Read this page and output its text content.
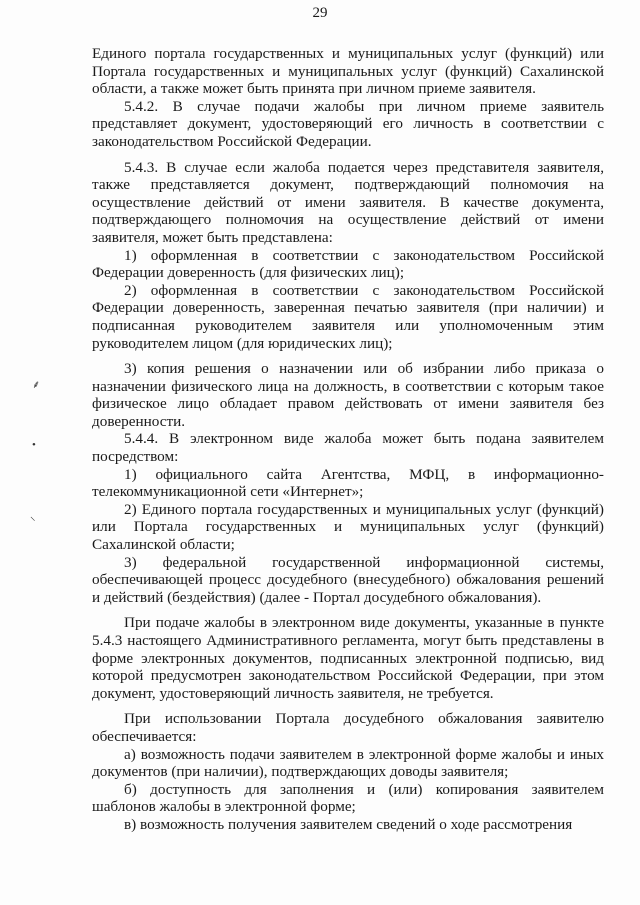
29
⸙
•
⸜

Единого портала государственных и муниципальных услуг (функций) или Портала государственных и муниципальных услуг (функций) Сахалинской области, а также может быть принята при личном приеме заявителя.

5.4.2. В случае подачи жалобы при личном приеме заявитель представляет документ, удостоверяющий его личность в соответствии с законодательством Российской Федерации.

5.4.3. В случае если жалоба подается через представителя заявителя, также представляется документ, подтверждающий полномочия на осуществление действий от имени заявителя. В качестве документа, подтверждающего полномочия на осуществление действий от имени заявителя, может быть представлена:

1) оформленная в соответствии с законодательством Российской Федерации доверенность (для физических лиц);

2) оформленная в соответствии с законодательством Российской Федерации доверенность, заверенная печатью заявителя (при наличии) и подписанная руководителем заявителя или уполномоченным этим руководителем лицом (для юридических лиц);

3) копия решения о назначении или об избрании либо приказа о назначении физического лица на должность, в соответствии с которым такое физическое лицо обладает правом действовать от имени заявителя без доверенности.

5.4.4. В электронном виде жалоба может быть подана заявителем посредством:

1) официального сайта Агентства, МФЦ, в информационно-телекоммуникационной сети «Интернет»;

2) Единого портала государственных и муниципальных услуг (функций) или Портала государственных и муниципальных услуг (функций) Сахалинской области;

3) федеральной государственной информационной системы, обеспечивающей процесс досудебного (внесудебного) обжалования решений и действий (бездействия) (далее - Портал досудебного обжалования).

При подаче жалобы в электронном виде документы, указанные в пункте 5.4.3 настоящего Административного регламента, могут быть представлены в форме электронных документов, подписанных электронной подписью, вид которой предусмотрен законодательством Российской Федерации, при этом документ, удостоверяющий личность заявителя, не требуется.

При использовании Портала досудебного обжалования заявителю обеспечивается:

а) возможность подачи заявителем в электронной форме жалобы и иных документов (при наличии), подтверждающих доводы заявителя;

б) доступность для заполнения и (или) копирования заявителем шаблонов жалобы в электронной форме;

в) возможность получения заявителем сведений о ходе рассмотрения
